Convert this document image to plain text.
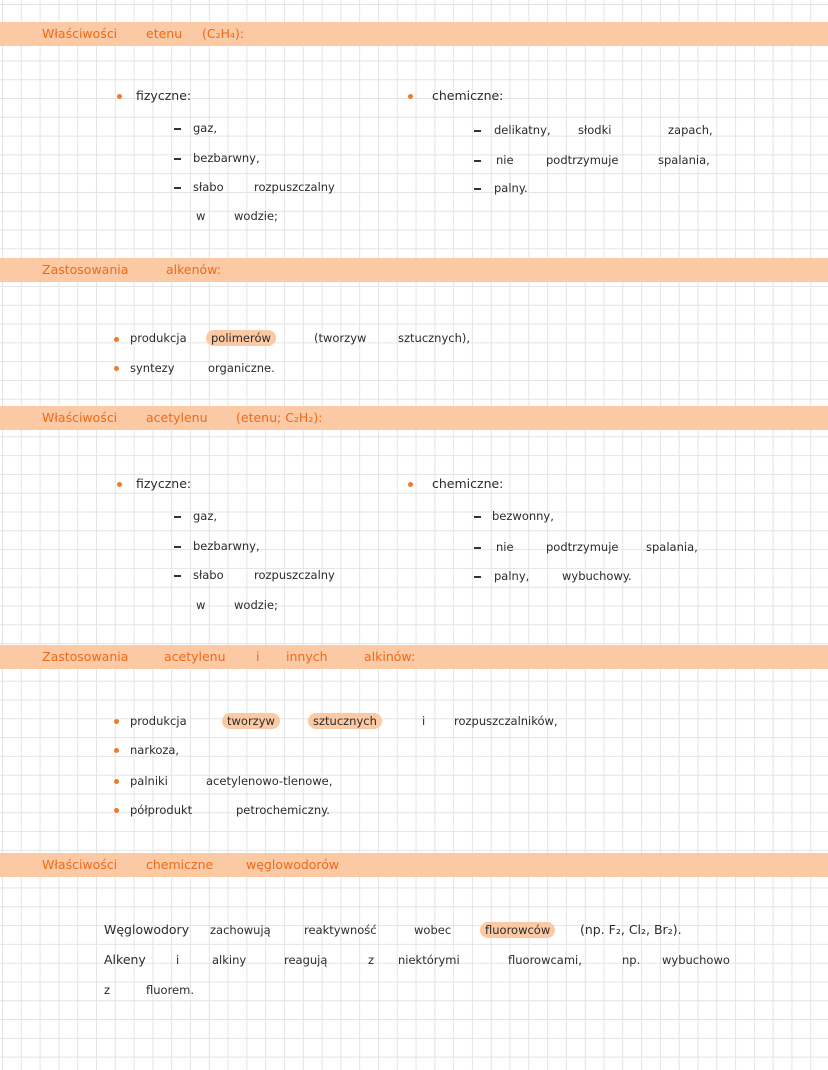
Właściwości etenu (C₂H₄):
fizyczne:
gaz,
bezbarwny,
słabo	rozpuszczalny
w wodzie;
chemiczne:
delikatny, słodki	zapach,
nie	podtrzymuje	spalania,
palny.
Zastosowania	alkenów:
produkcja	polimerów	(tworzyw	sztucznych),
syntezy	organiczne.
Właściwości acetylenu (etenu; C₂H₂):
fizyczne:
gaz,
bezbarwny,
słabo	rozpuszczalny
w wodzie;
chemiczne:
bezwonny,
nie	podtrzymuje spalania,
palny,	wybuchowy.
Zastosowania	acetylenu i innych	alkinów:
produkcja	tworzyw	sztucznych	i	rozpuszczalników,
narkoza,
palniki	acetylenowo-tlenowe,
półprodukt	petrochemiczny.
Właściwości chemiczne	węglowodorów
Węglowodory zachowują	reaktywność	wobec	fluorowców	(np. F₂, Cl₂, Br₂).
Alkeny	i	alkiny	reagują	z niektórymi	fluorowcami,	np. wybuchowo
z	fluorem.
